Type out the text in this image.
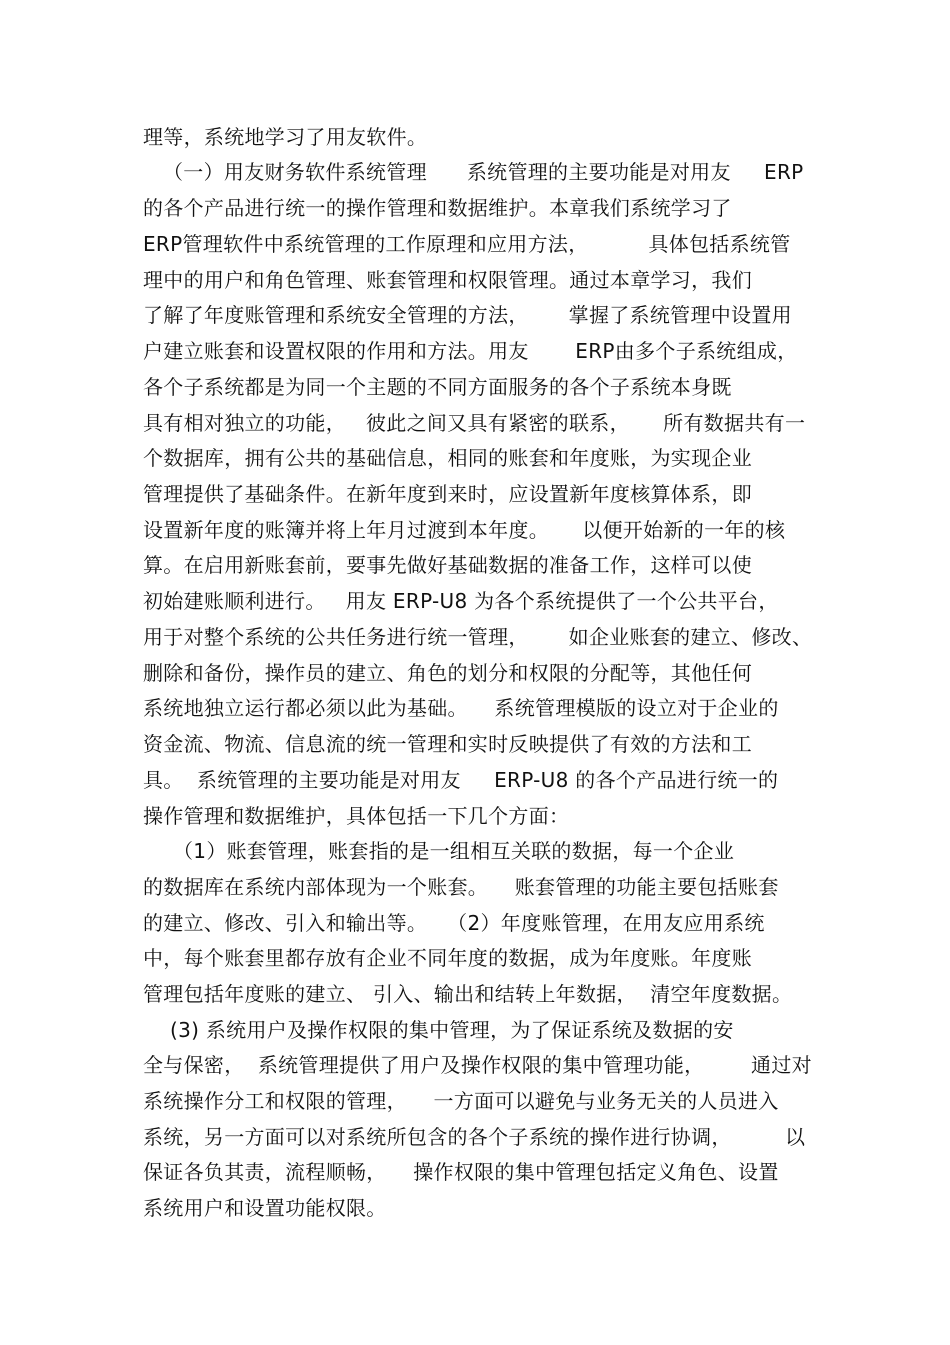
理等，系统地学习了用友软件。
（一）用友财务软件系统管理      系统管理的主要功能是对用友     ERP
的各个产品进行统一的操作管理和数据维护。本章我们系统学习了
ERP管理软件中系统管理的工作原理和应用方法，         具体包括系统管
理中的用户和角色管理、账套管理和权限管理。通过本章学习，我们
了解了年度账管理和系统安全管理的方法，      掌握了系统管理中设置用
户建立账套和设置权限的作用和方法。用友       ERP由多个子系统组成，
各个子系统都是为同一个主题的不同方面服务的各个子系统本身既
具有相对独立的功能，   彼此之间又具有紧密的联系，     所有数据共有一
个数据库，拥有公共的基础信息，相同的账套和年度账，为实现企业
管理提供了基础条件。在新年度到来时，应设置新年度核算体系，即
设置新年度的账簿并将上年月过渡到本年度。     以便开始新的一年的核
算。在启用新账套前，要事先做好基础数据的准备工作，这样可以使
初始建账顺利进行。   用友 ERP-U8 为各个系统提供了一个公共平台，
用于对整个系统的公共任务进行统一管理，      如企业账套的建立、修改、
删除和备份，操作员的建立、角色的划分和权限的分配等，其他任何
系统地独立运行都必须以此为基础。    系统管理模版的设立对于企业的
资金流、物流、信息流的统一管理和实时反映提供了有效的方法和工
具。  系统管理的主要功能是对用友     ERP-U8 的各个产品进行统一的
操作管理和数据维护，具体包括一下几个方面：
（1）账套管理，账套指的是一组相互关联的数据，每一个企业
的数据库在系统内部体现为一个账套。    账套管理的功能主要包括账套
的建立、修改、引入和输出等。   （2）年度账管理，在用友应用系统
中，每个账套里都存放有企业不同年度的数据，成为年度账。年度账
管理包括年度账的建立、 引入、输出和结转上年数据，  清空年度数据。
(3) 系统用户及操作权限的集中管理，为了保证系统及数据的安
全与保密，  系统管理提供了用户及操作权限的集中管理功能，       通过对
系统操作分工和权限的管理，    一方面可以避免与业务无关的人员进入
系统，另一方面可以对系统所包含的各个子系统的操作进行协调，        以
保证各负其责，流程顺畅，    操作权限的集中管理包括定义角色、设置
系统用户和设置功能权限。
